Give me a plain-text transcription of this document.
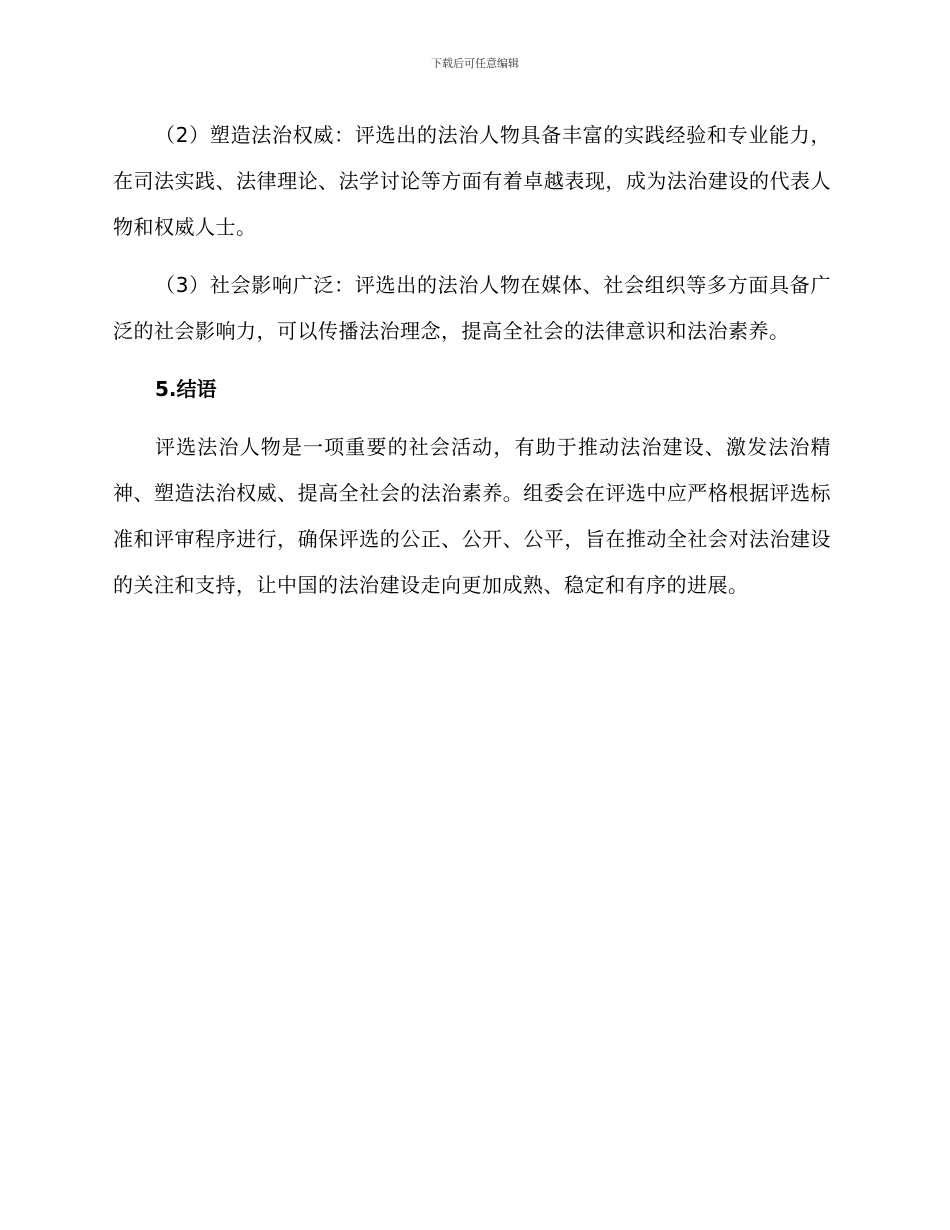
下载后可任意编辑

（2）塑造法治权威：评选出的法治人物具备丰富的实践经验和专业能力，在司法实践、法律理论、法学讨论等方面有着卓越表现，成为法治建设的代表人物和权威人士。

（3）社会影响广泛：评选出的法治人物在媒体、社会组织等多方面具备广泛的社会影响力，可以传播法治理念，提高全社会的法律意识和法治素养。

5.结语

评选法治人物是一项重要的社会活动，有助于推动法治建设、激发法治精神、塑造法治权威、提高全社会的法治素养。组委会在评选中应严格根据评选标准和评审程序进行，确保评选的公正、公开、公平，旨在推动全社会对法治建设的关注和支持，让中国的法治建设走向更加成熟、稳定和有序的进展。
